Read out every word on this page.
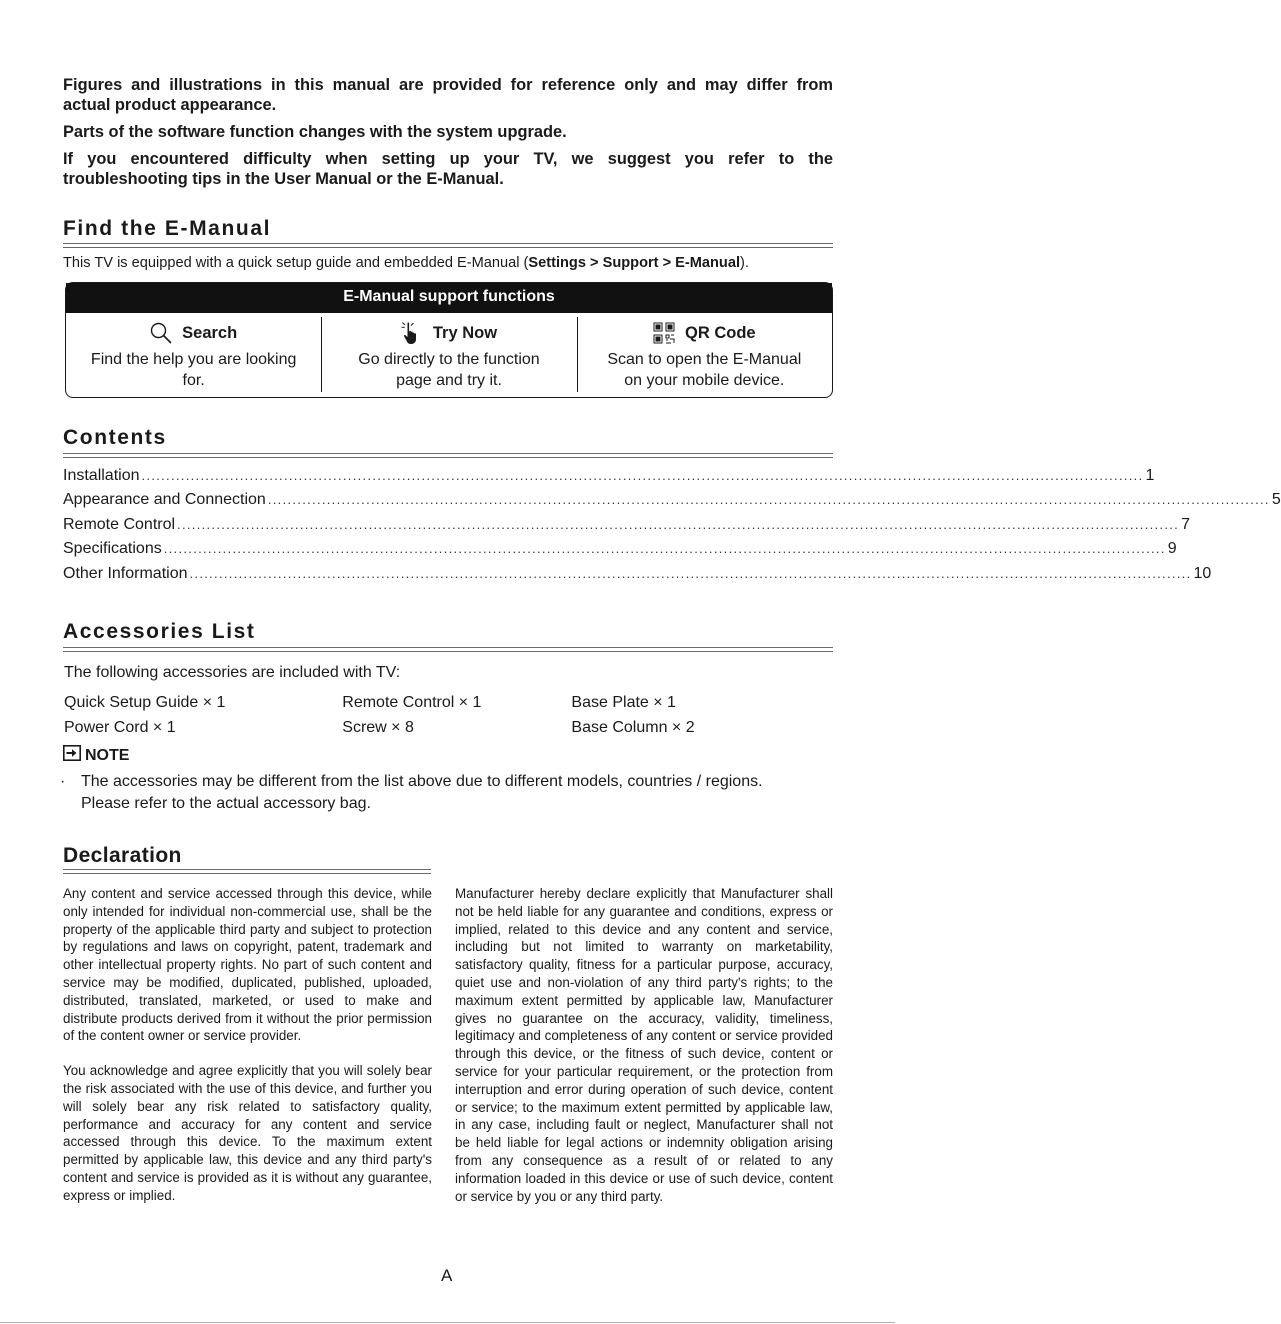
Figures and illustrations in this manual are provided for reference only and may differ from
actual product appearance.
Parts of the software function changes with the system upgrade.
If you encountered difficulty when setting up your TV, we suggest you refer to the
troubleshooting tips in the User Manual or the E-Manual.
Find the E-Manual
This TV is equipped with a quick setup guide and embedded E-Manual (Settings > Support > E-Manual).
E-Manual support functions
Search
Find the help you are looking
for.
Try Now
Go directly to the function
page and try it.
QR Code
Scan to open the E-Manual
on your mobile device.
Contents
Installation ............................................................................................................................................................................................................ 1
Appearance and Connection ............................................................................................................................................................................................................ 5
Remote Control ............................................................................................................................................................................................................ 7
Specifications ............................................................................................................................................................................................................ 9
Other Information ............................................................................................................................................................................................................ 10
Accessories List
The following accessories are included with TV:
Quick Setup Guide × 1	Remote Control × 1	Base Plate × 1
Power Cord × 1	Screw × 8	Base Column × 2
NOTE
· The accessories may be different from the list above due to different models, countries / regions.
Please refer to the actual accessory bag.
Declaration

Any content and service accessed through this device, while only intended for individual non-commercial use, shall be the property of the applicable third party and subject to protection by regulations and laws on copyright, patent, trademark and other intellectual property rights. No part of such content and service may be modified, duplicated, published, uploaded, distributed, translated, marketed, or used to make and distribute products derived from it without the prior permission of the content owner or service provider.

You acknowledge and agree explicitly that you will solely bear the risk associated with the use of this device, and further you will solely bear any risk related to satisfactory quality, performance and accuracy for any content and service accessed through this device. To the maximum extent permitted by applicable law, this device and any third party's content and service is provided as it is without any guarantee, express or implied.

Manufacturer hereby declare explicitly that Manufacturer shall not be held liable for any guarantee and conditions, express or implied, related to this device and any content and service, including but not limited to warranty on marketability, satisfactory quality, fitness for a particular purpose, accuracy, quiet use and non-violation of any third party's rights; to the maximum extent permitted by applicable law, Manufacturer gives no guarantee on the accuracy, validity, timeliness, legitimacy and completeness of any content or service provided through this device, or the fitness of such device, content or service for your particular requirement, or the protection from interruption and error during operation of such device, content or service; to the maximum extent permitted by applicable law, in any case, including fault or neglect, Manufacturer shall not be held liable for legal actions or indemnity obligation arising from any consequence as a result of or related to any information loaded in this device or use of such device, content or service by you or any third party.

A
